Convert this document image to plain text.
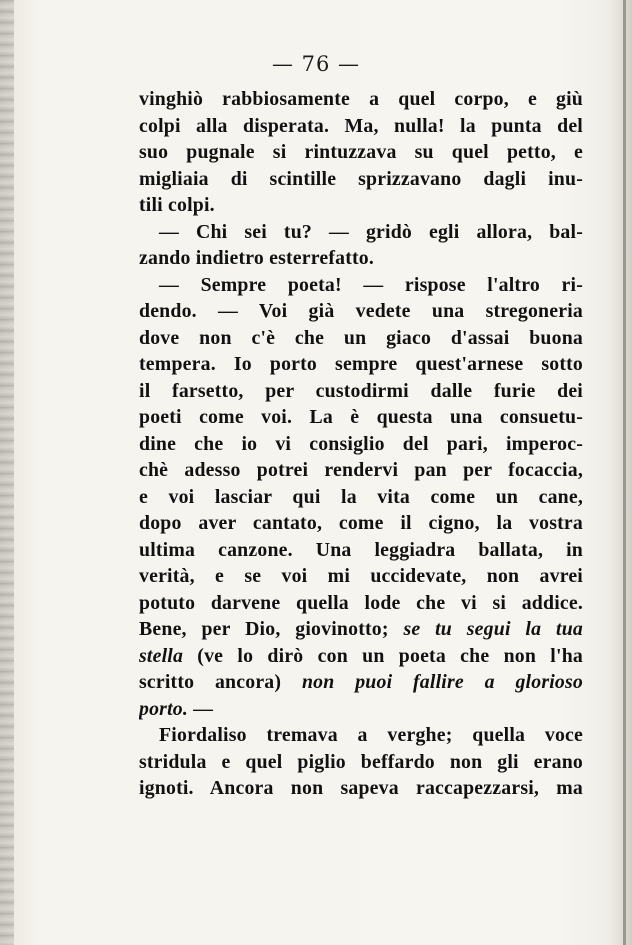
— 76 —
vinghiò rabbiosamente a quel corpo, e giù
colpi alla disperata. Ma, nulla! la punta del
suo pugnale si rintuzzava su quel petto, e
migliaia di scintille sprizzavano dagli inu-
tili colpi.
— Chi sei tu? — gridò egli allora, bal-
zando indietro esterrefatto.
— Sempre poeta! — rispose l'altro ri-
dendo. — Voi già vedete una stregoneria
dove non c'è che un giaco d'assai buona
tempera. Io porto sempre quest'arnese sotto
il farsetto, per custodirmi dalle furie dei
poeti come voi. La è questa una consuetu-
dine che io vi consiglio del pari, imperoc-
chè adesso potrei rendervi pan per focaccia,
e voi lasciar qui la vita come un cane,
dopo aver cantato, come il cigno, la vostra
ultima canzone. Una leggiadra ballata, in
verità, e se voi mi uccidevate, non avrei
potuto darvene quella lode che vi si addice.
Bene, per Dio, giovinotto; se tu segui la tua
stella (ve lo dirò con un poeta che non l'ha
scritto ancora) non puoi fallire a glorioso
porto. —
Fiordaliso tremava a verghe; quella voce
stridula e quel piglio beffardo non gli erano
ignoti. Ancora non sapeva raccapezzarsi, ma
